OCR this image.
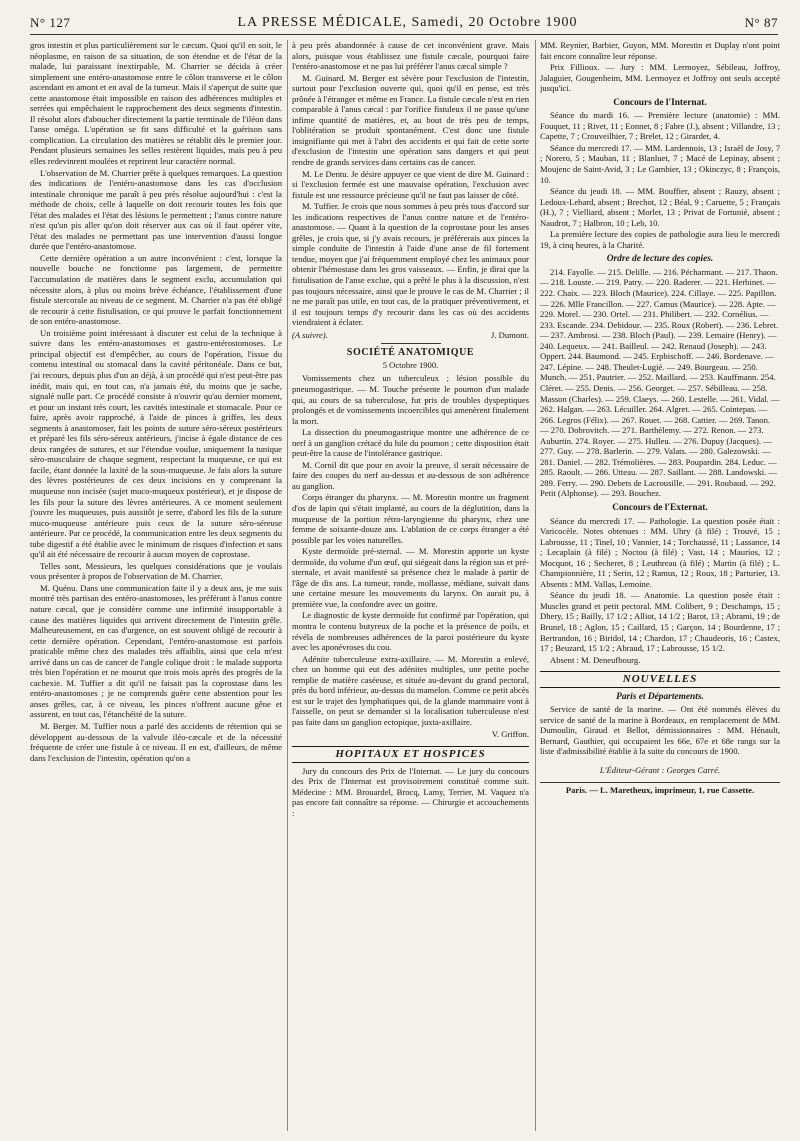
N° 127	LA PRESSE MÉDICALE, Samedi, 20 Octobre 1900	N° 87

gros intestin et plus particulièrement sur le cæcum. Quoi qu'il en soit, le néoplasme, en raison de sa situation, de son étendue et de l'état de la malade, lui paraissant inextirpable, M. Charrier se décida à créer simplement une entéro-anastomose entre le côlon transverse et le côlon ascendant en amont et en aval de la tumeur. Mais il s'aperçut de suite que cette anastomose était impossible en raison des adhérences multiples et serrées qui empêchaient le rapprochement des deux segments d'intestin. Il résolut alors d'aboucher directement la partie terminale de l'iléon dans l'anse oméga. L'opération se fit sans difficulté et la guérison sans complication. La circulation des matières se rétablit dès le premier jour. Pendant plusieurs semaines les selles restèrent liquides, mais peu à peu elles redevinrent moulées et reprirent leur caractère normal.

L'observation de M. Charrier prête à quelques remarques. La question des indications de l'entéro-anastomose dans les cas d'occlusion intestinale chronique me paraît à peu près résolue aujourd'hui : c'est la méthode de choix, celle à laquelle on doit recourir toutes les fois que l'état des malades et l'état des lésions le permettent ; l'anus contre nature n'est qu'un pis aller qu'on doit réserver aux cas où il faut opérer vite, l'état des malades ne permettant pas une intervention d'aussi longue durée que l'entéro-anastomose.

Cette dernière opération a un autre inconvénient : c'est, lorsque la nouvelle bouche ne fonctionne pas largement, de permettre l'accumulation de matières dans le segment exclu, accumulation qui nécessite alors, à plus ou moins brève échéance, l'établissement d'une fistule stercorale au niveau de ce segment. M. Charrier n'a pas été obligé de recourir à cette fistulisation, ce qui prouve le parfait fonctionnement de son entéro-anastomose.

Un troisième point intéressant à discuter est celui de la technique à suivre dans les entéro-anastomoses et gastro-entérostomoses. Le principal objectif est d'empêcher, au cours de l'opération, l'issue du contenu intestinal ou stomacal dans la cavité péritonéale. Dans ce but, j'ai recours, depuis plus d'un an déjà, à un procédé qui n'est peut-être pas inédit, mais qui, en tout cas, n'a jamais été, du moins que je sache, signalé nulle part. Ce procédé consiste à n'ouvrir qu'au dernier moment, et pour un instant très court, les cavités intestinale et stomacale. Pour ce faire, après avoir rapproché, à l'aide de pinces à griffes, les deux segments à anastomoser, fait les points de suture séro-séreux postérieurs et préparé les fils séro-séreux antérieurs, j'incise à égale distance de ces deux rangées de sutures, et sur l'étendue voulue, uniquement la tunique séro-musculaire de chaque segment, respectant la muqueuse, ce qui est facile, étant donnée la laxité de la sous-muqueuse. Je fais alors la suture des lèvres postérieures de ces deux incisions en y comprenant la muqueuse non incisée (sujet muco-muqueux postérieur), et je dispose de les fils pour la suture des lèvres antérieures. A ce moment seulement j'ouvre les muqueuses, puis aussitôt je serre, d'abord les fils de la suture muco-muqueuse antérieure puis ceux de la suture séro-séreuse antérieure. Par ce procédé, la communication entre les deux segments du tube digestif a été établie avec le minimum de risques d'infection et sans qu'il ait été nécessaire de recourir à aucun moyen de coprostase.

Telles sont, Messieurs, les quelques considérations que je voulais vous présenter à propos de l'observation de M. Charrier.

M. Quénu. Dans une communication faite il y a deux ans, je me suis montré très partisan des entéro-anastomoses, les préférant à l'anus contre nature cæcal, que je considère comme une infirmité insupportable à cause des matières liquides qui arrivent directement de l'intestin grêle. Malheureusement, en cas d'urgence, on est souvent obligé de recourir à cette dernière opération. Cependant, l'entéro-anastomose est parfois praticable même chez des malades très affaiblis, ainsi que cela m'est arrivé dans un cas de cancer de l'angle colique droit : le malade supporta très bien l'opération et ne mourut que trois mois après des progrès de la cachexie. M. Tuffier a dit qu'il ne faisait pas la coprostase dans les entéro-anastomoses ; je ne comprends guère cette abstention pour les anses grêles, car, à ce niveau, les pinces n'offrent aucune gêne et assurent, en tout cas, l'étanchéité de la suture.

M. Berger. M. Tuffier nous a parlé des accidents de rétention qui se développent au-dessous de la valvule iléo-cæcale et de la nécessité fréquente de créer une fistule à ce niveau. Il en est, d'ailleurs, de même dans l'exclusion de l'intestin, opération qu'on a

à peu près abandonnée à cause de cet inconvénient grave. Mais alors, puisque vous établissez une fistule cæcale, pourquoi faire l'entéro-anastomose et ne pas lui préférer l'anus cæcal simple ?

M. Guinard. M. Berger est sévère pour l'exclusion de l'intestin, surtout pour l'exclusion ouverte qui, quoi qu'il en pense, est très prônée à l'étranger et même en France. La fistule cæcale n'est en rien comparable à l'anus cæcal : par l'orifice fistuleux il ne passe qu'une infime quantité de matières, et, au bout de très peu de temps, l'oblitération se produit spontanément. C'est donc une fistule insignifiante qui met à l'abri des accidents et qui fait de cette sorte d'exclusion de l'intestin une opération sans dangers et qui peut rendre de grands services dans certains cas de cancer.

M. Le Dentu. Je désire appuyer ce que vient de dire M. Guinard : si l'exclusion fermée est une mauvaise opération, l'exclusion avec fistule est une ressource précieuse qu'il ne faut pas laisser de côté.

M. Tuffier. Je crois que nous sommes à peu près tous d'accord sur les indications respectives de l'anus contre nature et de l'entéro-anastomose. — Quant à la question de la coprostase pour les anses grêles, je crois que, si j'y avais recours, je préférerais aux pinces la simple conduite de l'intestin à l'aide d'une anse de fil fortement tendue, moyen que j'ai fréquemment employé chez les animaux pour obtenir l'hémostase dans les gros vaisseaux. — Enfin, je dirai que la fistulisation de l'anse exclue, qui a prêté le plus à la discussion, n'est pas toujours nécessaire, ainsi que le prouve le cas de M. Charrier ; il ne me paraît pas utile, en tout cas, de la pratiquer préventivement, et il est toujours temps d'y recourir dans les cas où des accidents viendraient à éclater.

(A suivre).	J. Dumont.
SOCIÉTÉ ANATOMIQUE
5 Octobre 1900.

Vomissements chez un tuberculeux ; lésion possible du pneumogastrique. — M. Touche présente le poumon d'un malade qui, au cours de sa tuberculose, fut pris de troubles dyspeptiques prolongés et de vomissements incoercibles qui amenèrent finalement la mort.

La dissection du pneumogastrique montre une adhérence de ce nerf à un ganglion crétacé du hile du poumon ; cette disposition était peut-être la cause de l'intolérance gastrique.

M. Cornil dit que pour en avoir la preuve, il serait nécessaire de faire des coupes du nerf au-dessus et au-dessous de son adhérence au ganglion.

Corps étranger du pharynx. — M. Morestin montre un fragment d'os de lapin qui s'était implanté, au cours de la déglutition, dans la muqueuse de la portion rétro-laryngienne du pharynx, chez une femme de soixante-douze ans. L'ablation de ce corps étranger a été possible par les voies naturelles.

Kyste dermoïde pré-sternal. — M. Morestin apporte un kyste dermoïde, du volume d'un œuf, qui siégeait dans la région sus et pré-sternale, et avait manifesté sa présence chez le malade à partir de l'âge de dix ans. La tumeur, ronde, mollasse, médiane, suivait dans une certaine mesure les mouvements du larynx. On aurait pu, à première vue, la confondre avec un goitre.

Le diagnostic de kyste dermoïde fut confirmé par l'opération, qui montra le contenu butyreux de la poche et la présence de poils, et révéla de nombreuses adhérences de la paroi postérieure du kyste avec les aponévroses du cou.

Adénite tuberculeuse extra-axillaire. — M. Morestin a enlevé, chez un homme qui eut des adénites multiples, une petite poche remplie de matière caséeuse, et située au-devant du grand pectoral, près du bord inférieur, au-dessus du mamelon. Comme ce petit abcès est sur le trajet des lymphatiques qui, de la glande mammaire vont à l'aisselle, on peut se demander si la localisation tuberculeuse n'est pas faite dans un ganglion ectopique, juxta-axillaire.

V. Griffon.
HOPITAUX ET HOSPICES

Jury du concours des Prix de l'Internat. — Le jury du concours des Prix de l'Internat est provisoirement constitué comme suit. Médecine : MM. Brouardel, Brocq, Lamy, Terrier, M. Vaquez n'a pas encore fait connaître sa réponse. — Chirurgie et accouchements :

MM. Reynier, Barbier, Guyon, MM. Morestin et Duplay n'ont point fait encore connaître leur réponse.

Prix Fillioux. — Jury : MM. Lermoyez, Sébileau, Joffroy, Jalaguier, Gougenheim, MM. Lermoyez et Joffroy ont seuls accepté jusqu'ici.

Concours de l'Internat.

Séance du mardi 16. — Première lecture (anatomie) : MM. Fouquet, 11 ; Rivet, 11 ; Eonnet, 8 ; Fabre (J.), absent ; Villandre, 13 ; Capette, 7 ; Crouveilhier, 7 ; Brelet, 12 ; Girardet, 4.

Séance du mercredi 17. — MM. Lardennois, 13 ; Israël de Josy, 7 ; Norero, 5 ; Mauban, 11 ; Blanluet, 7 ; Macé de Lepinay, absent ; Moujenc de Saint-Avid, 3 ; Le Gambier, 13 ; Okinczyc, 8 ; François, 10.

Séance du jeudi 18. — MM. Bouffier, absent ; Rauzy, absent ; Ledoux-Lebard, absent ; Brechot, 12 ; Béal, 9 ; Caruette, 5 ; Français (H.), 7 ; Vielliard, absent ; Morlet, 13 ; Privat de Fortunié, absent ; Naudrot, 7 ; Halbron, 10 ; Leb, 10.

La première lecture des copies de pathologie aura lieu le mercredi 19, à cinq heures, à la Charité.

Ordre de lecture des copies.

214. Fayolle. — 215. Delille. — 216. Pécharmant. — 217. Thaon. — 218. Louste. — 219. Patry. — 220. Raderer. — 221. Herbinet. — 222. Chaix. — 223. Bloch (Maurice). 224. Cillaye. — 225. Papillon. — 226. Mlle Francillon. — 227. Camus (Maurice). — 228. Apte. — 229. Morel. — 230. Ortel. — 231. Philibert. — 232. Cornélius. — 233. Escande. 234. Debidour. — 235. Roux (Robert). — 236. Lebret. — 237. Ambrosi. — 238. Bloch (Paul). — 239. Lemaire (Henry). — 240. Lequeux. — 241. Bailleul. — 242. Renaud (Joseph). — 243. Oppert. 244. Baumond. — 245. Erpbischoff. — 246. Bordenave. — 247. Lépine. — 248. Theulet-Lugié. — 249. Bourgeau. — 250. Munch. — 251. Pautrier. — 252. Maillard. — 253. Kauffmann. 254. Cléret. — 255. Denis. — 256. Georget. — 257. Sébilleau. — 258. Masson (Charles). — 259. Claeys. — 260. Lestelle. — 261. Vidal. — 262. Halgan. — 263. Lécuiller. 264. Algret. — 265. Cointepas. — 266. Legros (Félix). — 267. Rouet. — 268. Cattier. — 269. Tanon. — 270. Dobrovitch. — 271. Barthélemy. — 272. Renon. — 273. Auburtin. 274. Royer. — 275. Hulleu. — 276. Dupuy (Jacques). — 277. Guy. — 278. Barlerin. — 279. Valats. — 280. Galezowski. — 281. Daniel. — 282. Trémolières. — 283. Poupardin. 284. Leduc. — 285. Raoult. — 286. Utteau. — 287. Saillant. — 288. Landowski. — 289. Ferry. — 290. Debets de Lacrousille. — 291. Roubaud. — 292. Petit (Alphonse). — 293. Bouchez.

Concours de l'Externat.

Séance du mercredi 17. — Pathologie. La question posée était : Varicocèle. Notes obtenues : MM. Uhry (à filé) ; Trouvé, 15 ; Labrousse, 11 ; Tinel, 10 ; Vannier, 14 ; Torchaussé, 11 ; Lassance, 14 ; Lecaplain (à filé) ; Noctou (à filé) ; Vast, 14 ; Maurios, 12 ; Mocquot, 16 ; Secheret, 8 ; Leuthreau (à filé) ; Martin (à filé) ; L. Championnière, 11 ; Serin, 12 ; Ramus, 12 ; Roux, 18 ; Parturier, 13. Absents : MM. Vallas, Lemoine.

Séance du jeudi 18. — Anatomie. La question posée était : Muscles grand et petit pectoral. MM. Colibert, 9 ; Deschamps, 15 ; Dhery, 15 ; Bailly, 17 1/2 ; Alliot, 14 1/2 ; Barot, 13 ; Abrami, 19 ; de Brunel, 18 ; Aglon, 15 ; Caillard, 15 ; Garçon, 14 ; Bourdenne, 17 ; Bertrandon, 16 ; Biridol, 14 ; Chardon, 17 ; Chaudeoris, 16 ; Castex, 17 ; Beuzard, 15 1/2 ; Abraud, 17 ; Labrousse, 15 1/2.

Absent : M. Deneufbourg.

NOUVELLES
Paris et Départements.

Service de santé de la marine. — Ont été nommés élèves du service de santé de la marine à Bordeaux, en remplacement de MM. Dumoulin, Giraud et Bellot, démissionnaires : MM. Hénault, Bernard, Gauthier, qui occupaient les 66e, 67e et 68e rangs sur la liste d'admissibilité établie à la suite du concours de 1900.

L'Éditeur-Gérant : Georges Carré.
Paris. — L. Maretheux, imprimeur, 1, rue Cassette.
